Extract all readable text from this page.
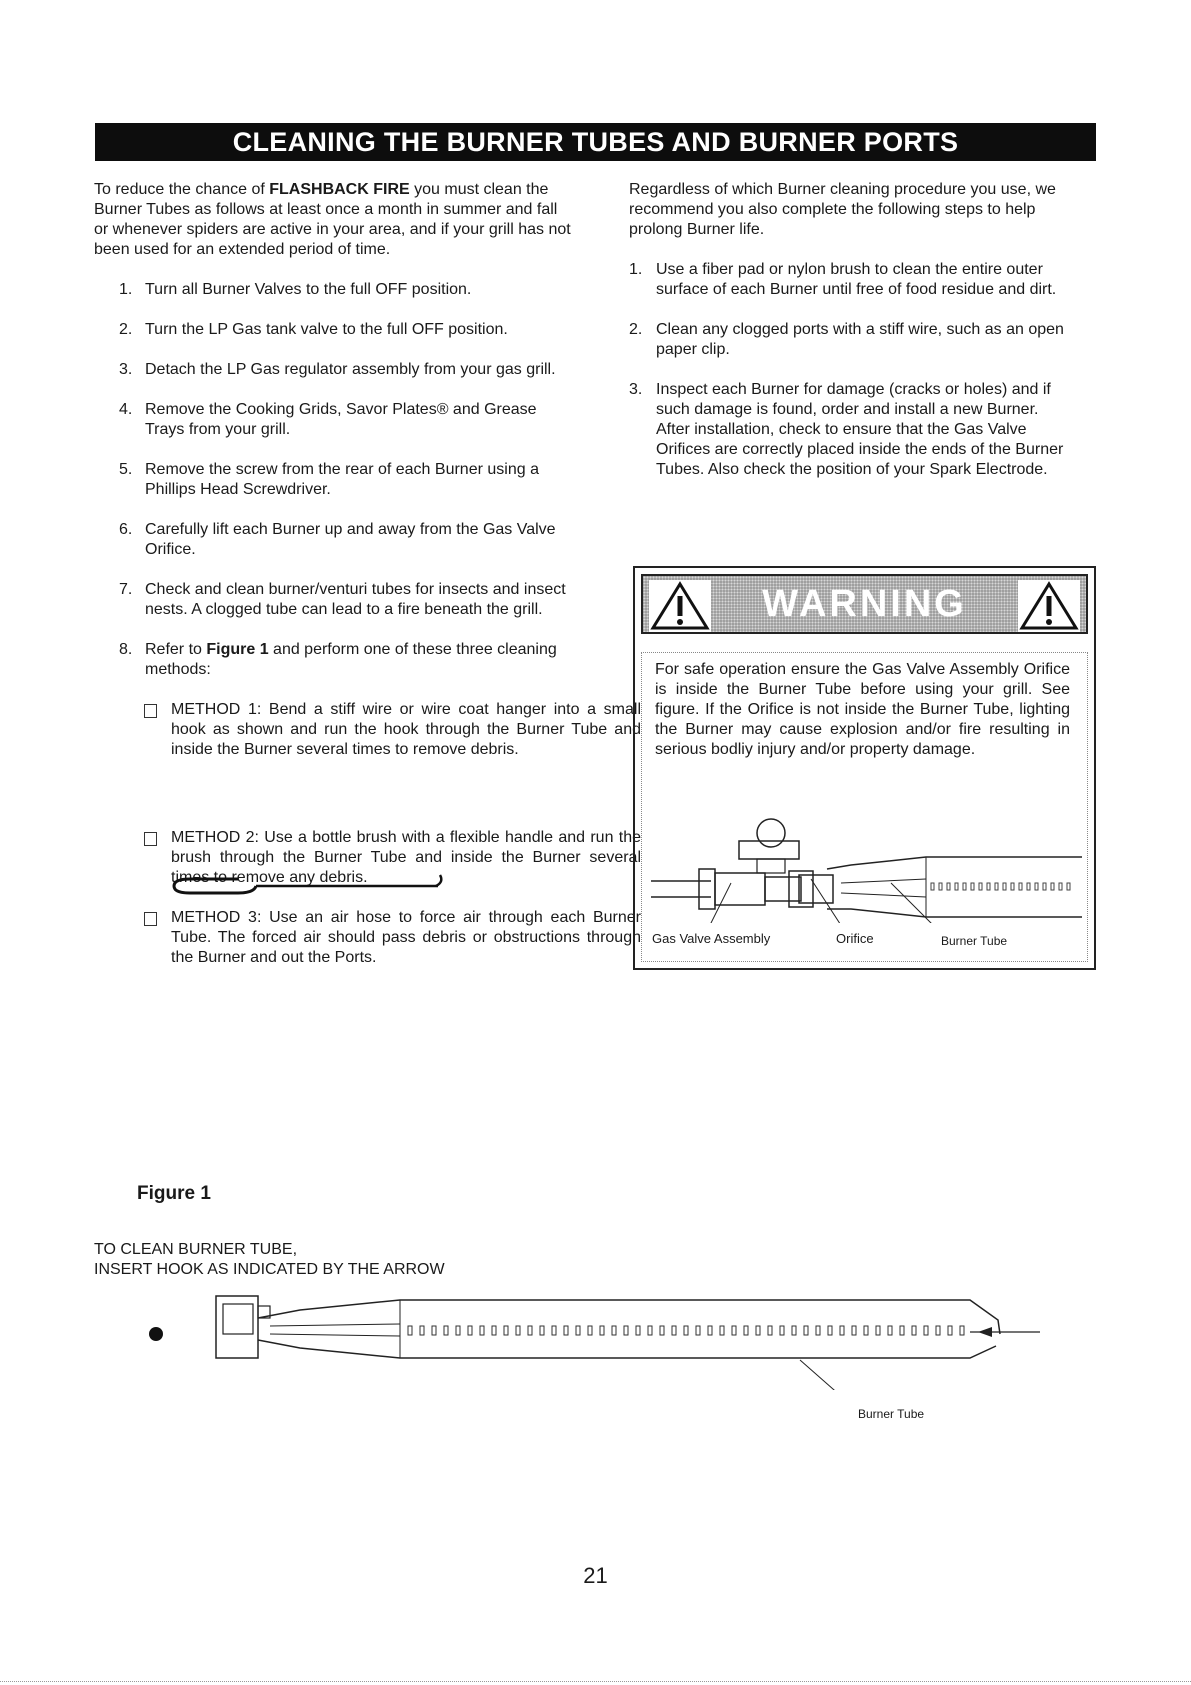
CLEANING THE BURNER TUBES AND BURNER PORTS

To reduce the chance of FLASHBACK FIRE you must clean the Burner Tubes as follows at least once a month in summer and fall or whenever spiders are active in your area, and if your grill has not been used for an extended period of time.

1. Turn all Burner Valves to the full OFF position.
2. Turn the LP Gas tank valve to the full OFF position.
3. Detach the LP Gas regulator assembly from your gas grill.
4. Remove the Cooking Grids, Savor Plates® and Grease Trays from your grill.
5. Remove the screw from the rear of each Burner using a Phillips Head Screwdriver.
6. Carefully lift each Burner up and away from the Gas Valve Orifice.
7. Check and clean burner/venturi tubes for insects and insect nests. A clogged tube can lead to a fire beneath the grill.
8. Refer to Figure 1 and perform one of these three cleaning methods:
METHOD 1: Bend a stiff wire or wire coat hanger into a small hook as shown and run the hook through the Burner Tube and inside the Burner several times to remove debris.
METHOD 2: Use a bottle brush with a flexible handle and run the brush through the Burner Tube and inside the Burner several times to remove any debris.
METHOD 3: Use an air hose to force air through each Burner Tube. The forced air should pass debris or obstructions through the Burner and out the Ports.

Regardless of which Burner cleaning procedure you use, we recommend you also complete the following steps to help prolong Burner life.

1. Use a fiber pad or nylon brush to clean the entire outer surface of each Burner until free of food residue and dirt.
2. Clean any clogged ports with a stiff wire, such as an open paper clip.
3. Inspect each Burner for damage (cracks or holes) and if such damage is found, order and install a new Burner. After installation, check to ensure that the Gas Valve Orifices are correctly placed inside the ends of the Burner Tubes. Also check the position of your Spark Electrode.
WARNING
For safe operation ensure the Gas Valve Assembly Orifice is inside the Burner Tube before using your grill. See figure. If the Orifice is not inside the Burner Tube, lighting the Burner may cause explosion and/or fire resulting in serious bodliy injury and/or property damage.
Gas Valve Assembly	Orifice	Burner Tube
Figure 1
TO CLEAN BURNER TUBE,
INSERT HOOK AS INDICATED BY THE ARROW
Burner Tube
21
